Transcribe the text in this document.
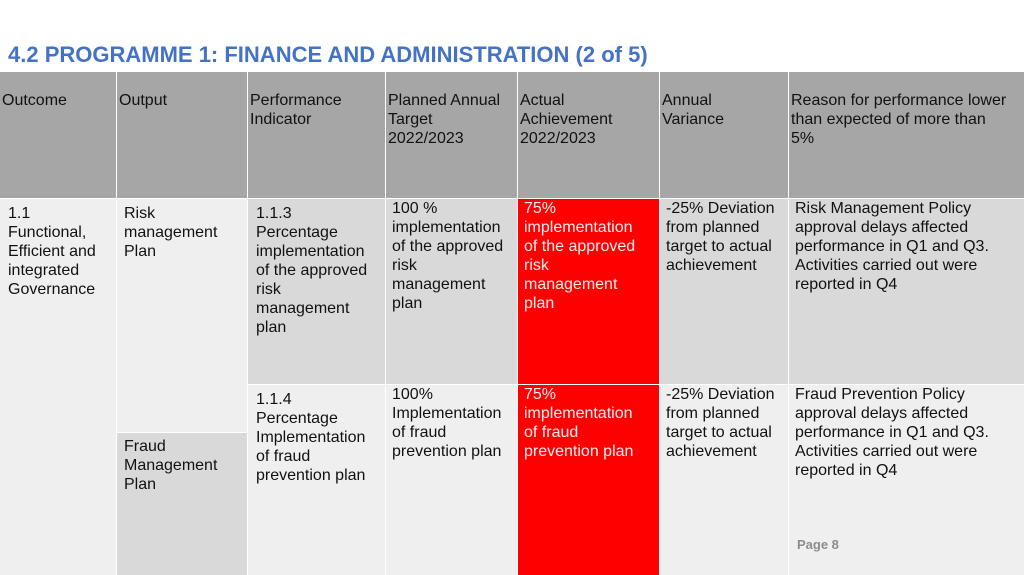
4.2 PROGRAMME 1: FINANCE AND ADMINISTRATION (2 of 5)
Outcome	Output	Performance
Indicator
Planned Annual
Target
2022/2023
Actual
Achievement
2022/2023
Annual
Variance
Reason for performance lower
than expected of more than
5%
1.1
Functional,
Efficient and
integrated
Governance
Risk
management
Plan
Fraud
Management
Plan
1.1.3
Percentage
implementation
of the approved
risk
management
plan
100 %
implementation
of the approved
risk
management
plan
75%
implementation
of the approved
risk
management
plan
-25% Deviation
from planned
target to actual
achievement
Risk Management Policy
approval delays affected
performance in Q1 and Q3.
Activities carried out were
reported in Q4
1.1.4
Percentage
Implementation
of fraud
prevention plan
100%
Implementation
of fraud
prevention plan
75%
implementation
of fraud
prevention plan
-25% Deviation
from planned
target to actual
achievement
Fraud Prevention Policy
approval delays affected
performance in Q1 and Q3.
Activities carried out were
reported in Q4
Page 8
